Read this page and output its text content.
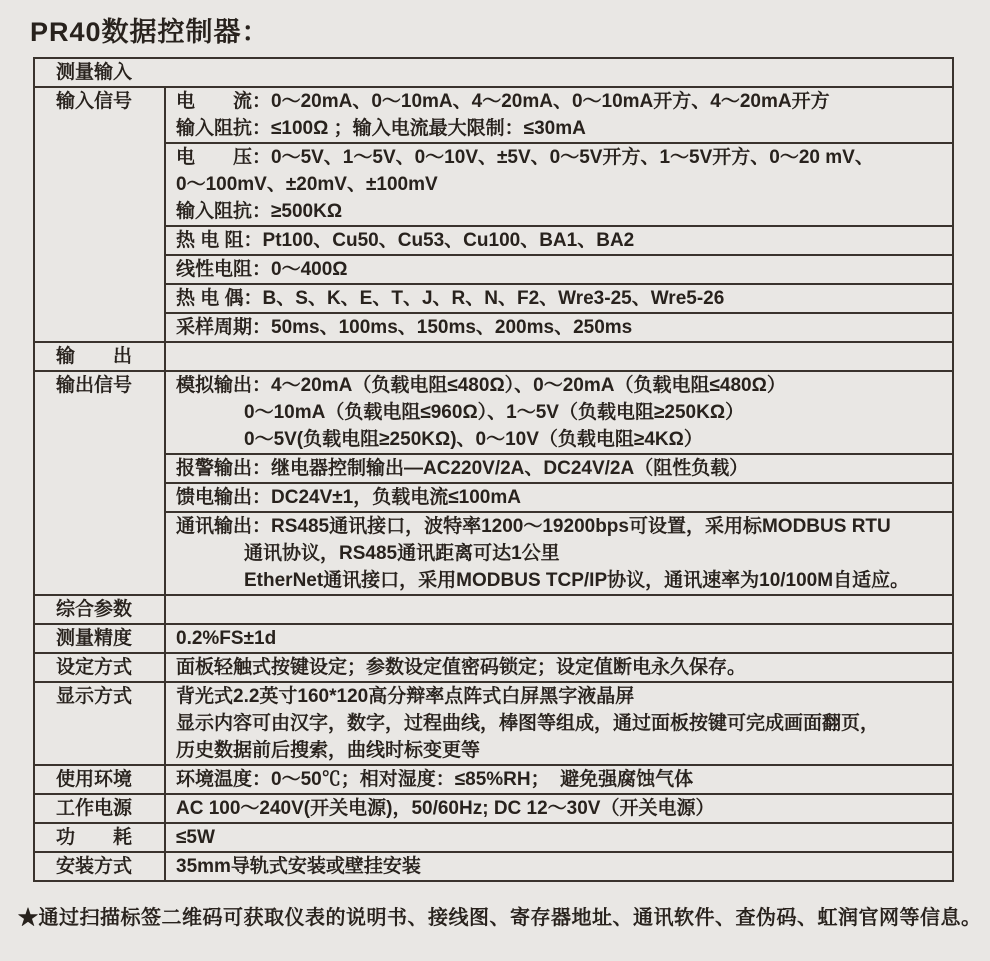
PR40数据控制器：
测量输入
输入信号	电　　流：0～20mA、0～10mA、4～20mA、0～10mA开方、4～20mA开方
输入阻抗：≤100Ω ；输入电流最大限制：≤30mA
电　　压：0～5V、1～5V、0～10V、±5V、0～5V开方、1～5V开方、0～20 mV、
0～100mV、±20mV、±100mV
输入阻抗：≥500KΩ
热 电 阻：Pt100、Cu50、Cu53、Cu100、BA1、BA2
线性电阻：0～400Ω
热 电 偶：B、S、K、E、T、J、R、N、F2、Wre3-25、Wre5-26
采样周期：50ms、100ms、150ms、200ms、250ms
输　　出
输出信号	模拟输出：4～20mA（负载电阻≤480Ω）、0～20mA（负载电阻≤480Ω）
0～10mA（负载电阻≤960Ω）、1～5V（负载电阻≥250KΩ）
0～5V(负载电阻≥250KΩ)、0～10V（负载电阻≥4KΩ）
报警输出：继电器控制输出—AC220V/2A、DC24V/2A（阻性负载）
馈电输出：DC24V±1，负载电流≤100mA
通讯输出：RS485通讯接口，波特率1200～19200bps可设置，采用标MODBUS RTU
通讯协议，RS485通讯距离可达1公里
EtherNet通讯接口，采用MODBUS TCP/IP协议，通讯速率为10/100M自适应。
综合参数
测量精度	0.2%FS±1d
设定方式	面板轻触式按键设定；参数设定值密码锁定；设定值断电永久保存。
显示方式	背光式2.2英寸160*120高分辩率点阵式白屏黑字液晶屏
显示内容可由汉字，数字，过程曲线，棒图等组成，通过面板按键可完成画面翻页，
历史数据前后搜索，曲线时标变更等
使用环境	环境温度：0～50℃；相对湿度：≤85%RH；  避免强腐蚀气体
工作电源	AC 100～240V(开关电源)，50/60Hz; DC 12～30V（开关电源）
功　　耗	≤5W
安装方式	35mm导轨式安装或壁挂安装
★通过扫描标签二维码可获取仪表的说明书、接线图、寄存器地址、通讯软件、查伪码、虹润官网等信息。
